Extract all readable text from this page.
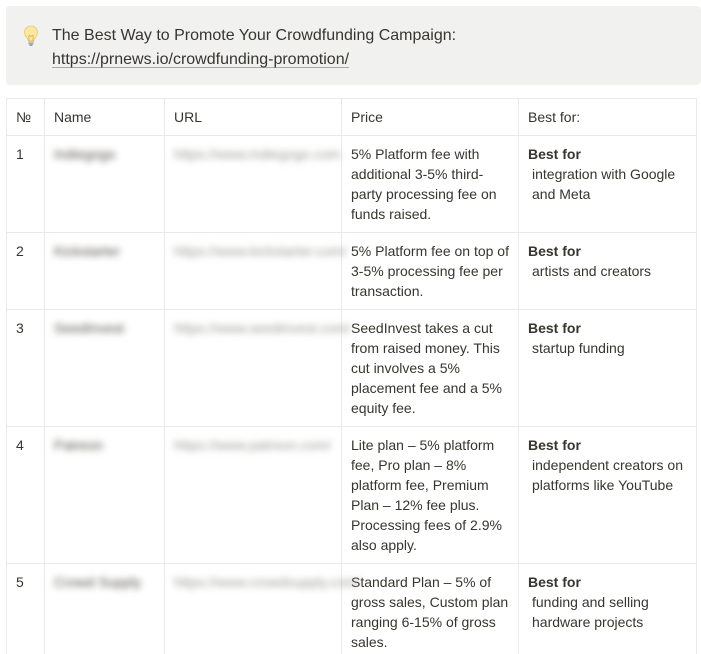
The Best Way to Promote Your Crowdfunding Campaign:
https://prnews.io/crowdfunding-promotion/
№	Name	URL	Price	Best for:
1	Indiegogo	https://www.indiegogo.com	5% Platform fee with additional 3-5% third-party processing fee on funds raised.	Best for
integration with Google and Meta

2	Kickstarter	https://www.kickstarter.com/	5% Platform fee on top of 3-5% processing fee per transaction.	Best for
artists and creators

3	SeedInvest	https://www.seedinvest.com/	SeedInvest takes a cut from raised money. This cut involves a 5% placement fee and a 5% equity fee.	Best for
startup funding

4	Patreon	https://www.patreon.com/	Lite plan – 5% platform fee, Pro plan – 8% platform fee, Premium Plan – 12% fee plus. Processing fees of 2.9% also apply.	Best for
independent creators on platforms like YouTube

5	Crowd Supply	https://www.crowdsupply.com/	Standard Plan – 5% of gross sales, Custom plan ranging 6-15% of gross sales.	Best for
funding and selling hardware projects
